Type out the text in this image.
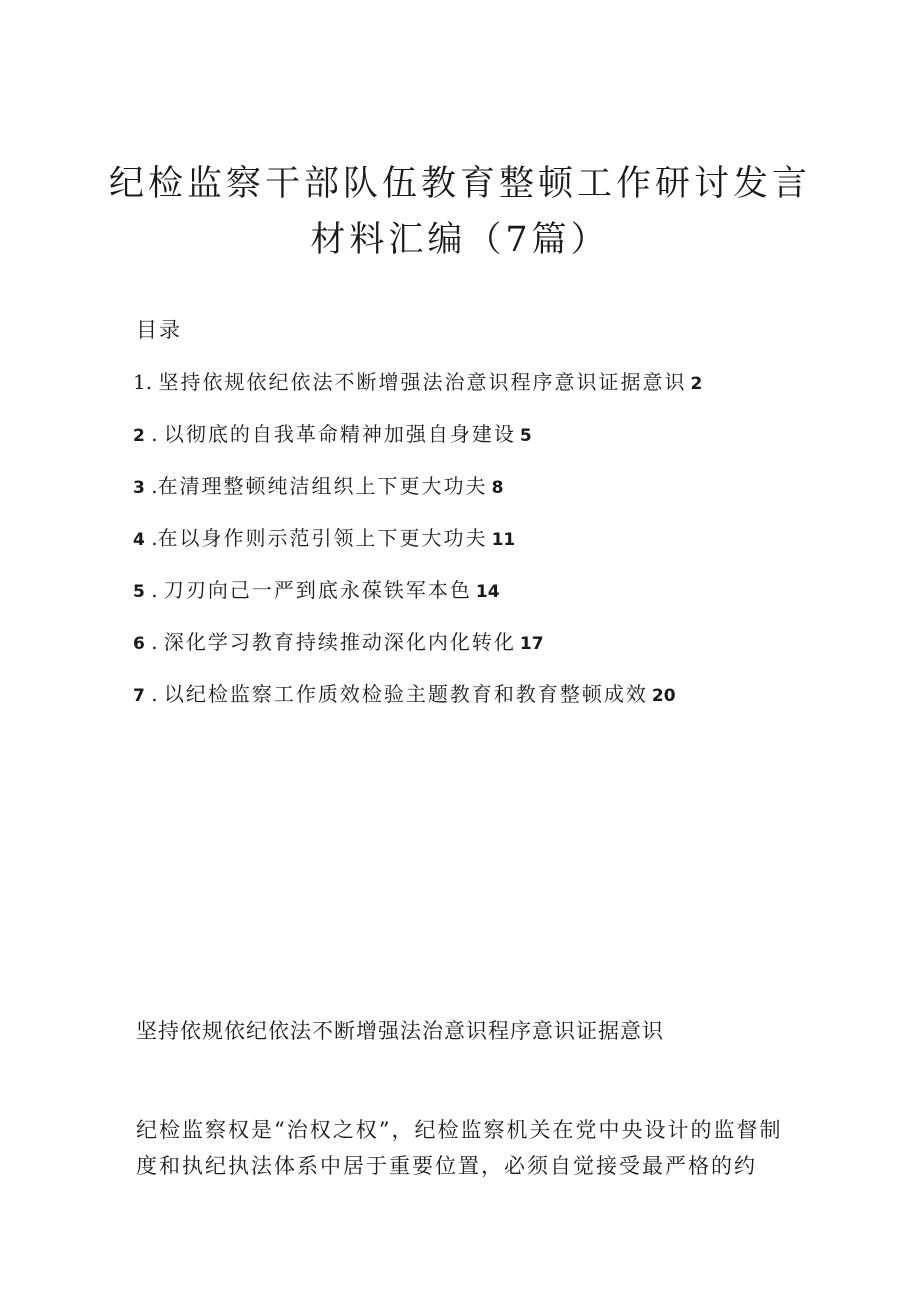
纪检监察干部队伍教育整顿工作研讨发言
材料汇编（7篇）
目录
1. 坚持依规依纪依法不断增强法治意识程序意识证据意识 2
2 . 以彻底的自我革命精神加强自身建设 5
3 .在清理整顿纯洁组织上下更大功夫 8
4 .在以身作则示范引领上下更大功夫 11
5 . 刀刃向己一严到底永葆铁军本色 14
6 . 深化学习教育持续推动深化内化转化 17
7 . 以纪检监察工作质效检验主题教育和教育整顿成效 20
坚持依规依纪依法不断增强法治意识程序意识证据意识

纪检监察权是“治权之权”，纪检监察机关在党中央设计的监督制度和执纪执法体系中居于重要位置，必须自觉接受最严格的约
